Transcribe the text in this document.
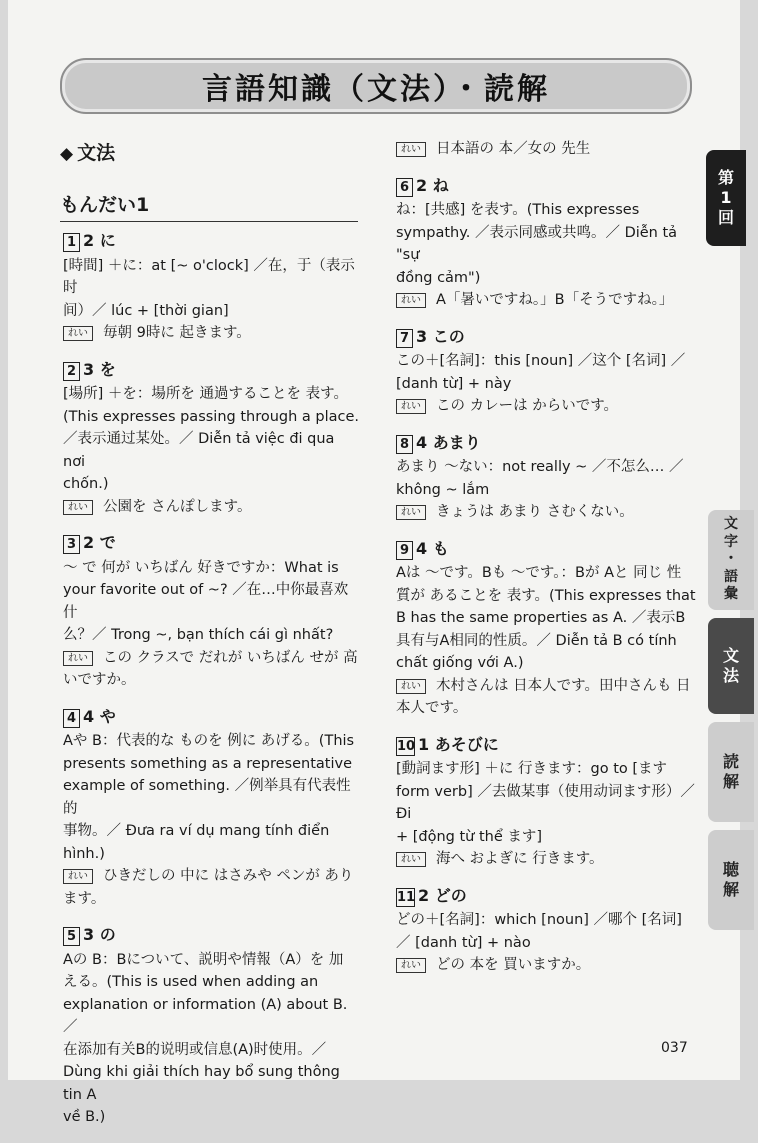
言語知識（文法）・読解
◆ 文法
もんだい1
1 2 に
[時間] ＋に：at [~ o'clock] ／在，于（表示时
间）／ lúc + [thời gian]
れい 毎朝 9時に 起きます。
2 3 を
[場所] ＋を：場所を 通過することを 表す。
(This expresses passing through a place.
／表示通过某处。／ Diễn tả việc đi qua nơi
chốn.)
れい 公園を さんぽします。
3 2 で
～ で 何が いちばん 好きですか：What is
your favorite out of ~? ／在…中你最喜欢什
么？／ Trong ~, bạn thích cái gì nhất?
れい この クラスで だれが いちばん せが 高いですか。
4 4 や
Aや B：代表的な ものを 例に あげる。(This
presents something as a representative
example of something. ／例举具有代表性的
事物。／ Đưa ra ví dụ mang tính điển hình.)
れい ひきだしの 中に はさみや ペンが あります。
5 3 の
Aの B：Bについて、説明や情報（A）を 加
える。(This is used when adding an
explanation or information (A) about B. ／
在添加有关B的说明或信息(A)时使用。／
Dùng khi giải thích hay bổ sung thông tin A
về B.)
れい 日本語の 本／女の 先生
6 2 ね
ね：[共感] を表す。(This expresses
sympathy. ／表示同感或共鸣。／ Diễn tả "sự
đồng cảm")
れい A「暑いですね。」B「そうですね。」
7 3 この
この＋[名詞]：this [noun] ／这个 [名词] ／
[danh từ] + này
れい この カレーは からいです。
8 4 あまり
あまり ～ない：not really ~ ／不怎么… ／
không ~ lắm
れい きょうは あまり さむくない。
9 4 も
Aは ～です。Bも ～です。：Bが Aと 同じ 性
質が あることを 表す。(This expresses that
B has the same properties as A. ／表示B
具有与A相同的性质。／ Diễn tả B có tính
chất giống với A.)
れい 木村さんは 日本人です。田中さんも 日本人です。
10 1 あそびに
[動詞ます形] ＋に 行きます：go to [ます
form verb] ／去做某事（使用动词ます形）／ Đi
+ [động từ thể ます]
れい 海へ およぎに 行きます。
11 2 どの
どの＋[名詞]：which [noun] ／哪个 [名词]
／ [danh từ] + nào
れい どの 本を 買いますか。
037
第
1
回
文
字
・
語
彙
文
法
読
解
聴
解
